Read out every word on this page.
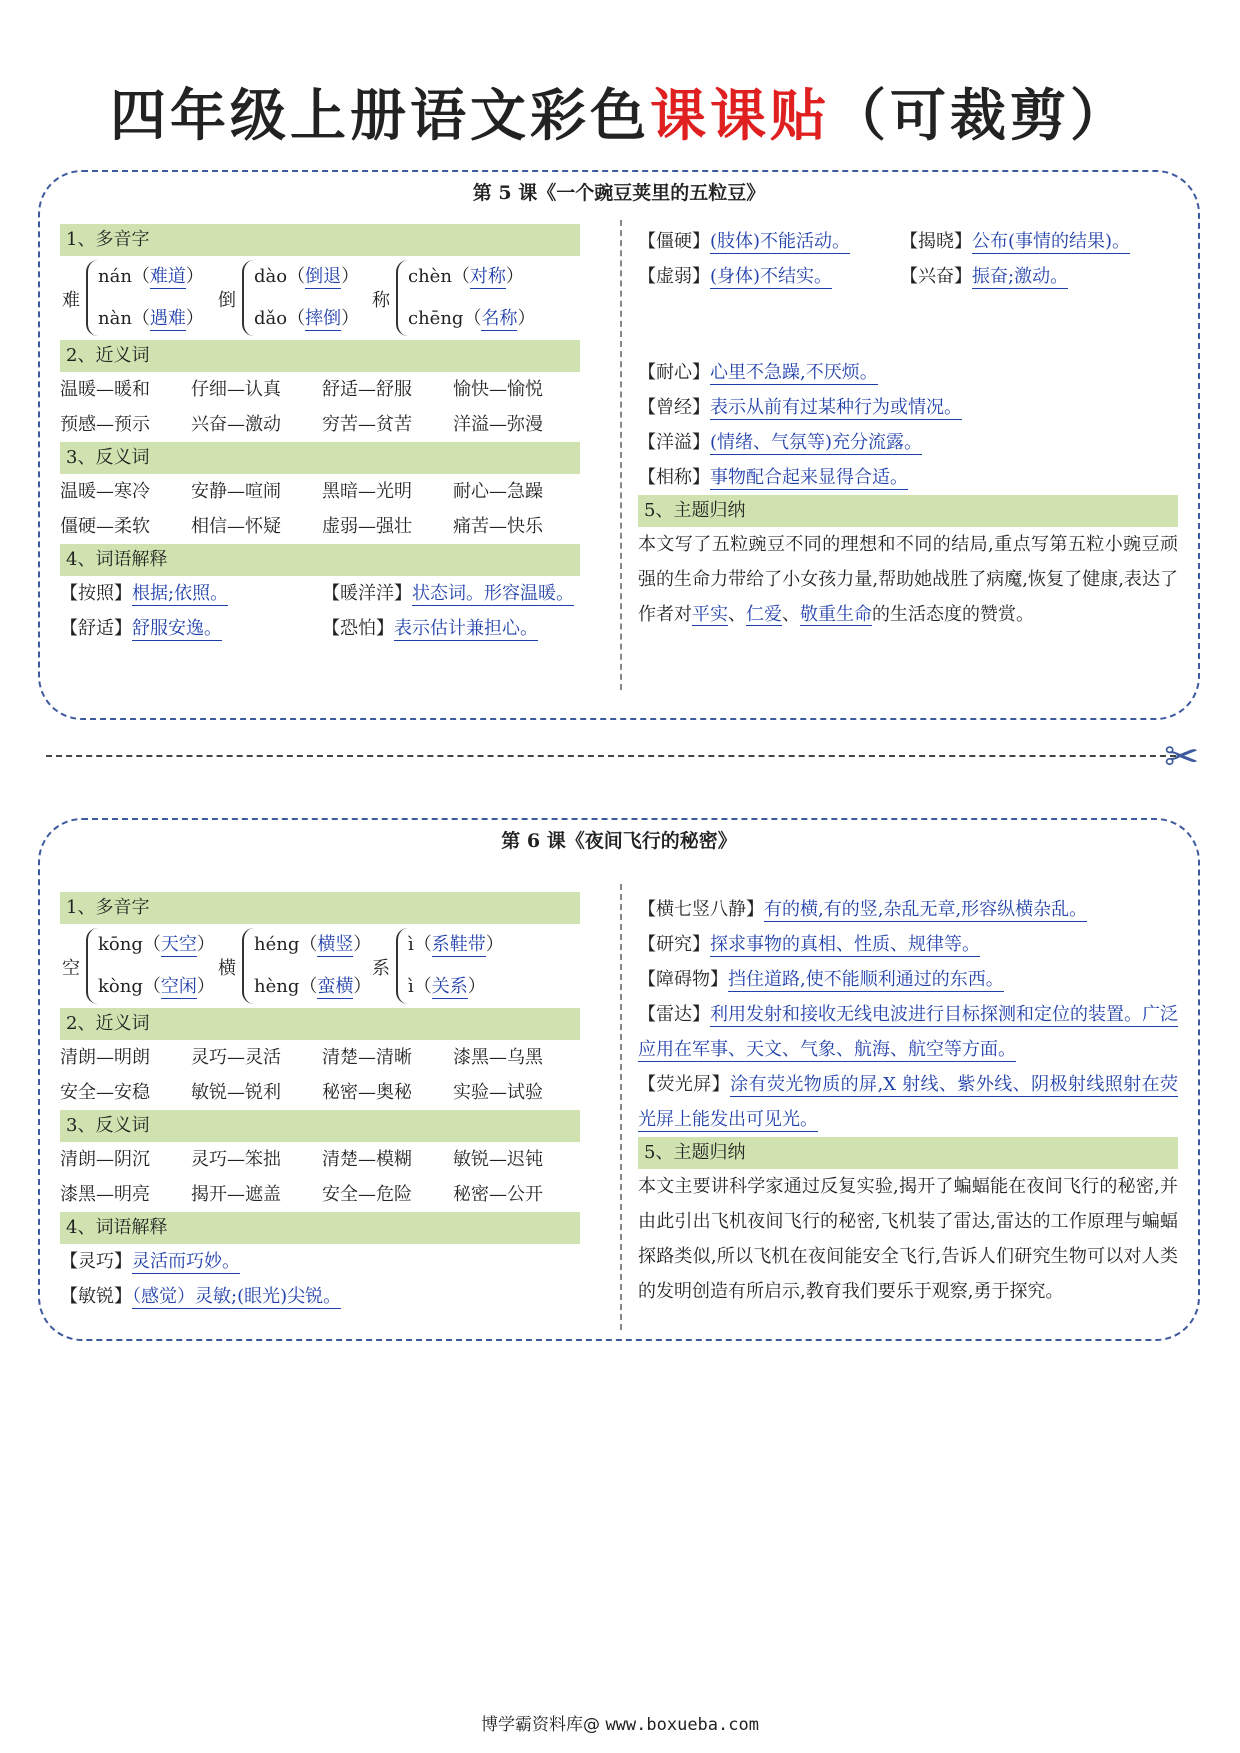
四年级上册语文彩色课课贴（可裁剪）
第 5 课《一个豌豆荚里的五粒豆》
1、多音字
难
nán（难道）
nàn（遇难）
倒
dào（倒退）
dǎo（摔倒）
称
chèn（对称）
chēng（名称）
2、近义词
温暖—暖和 仔细—认真 舒适—舒服 愉快—愉悦
预感—预示 兴奋—激动 穷苦—贫苦 洋溢—弥漫
3、反义词
温暖—寒冷 安静—喧闹 黑暗—光明 耐心—急躁
僵硬—柔软 相信—怀疑 虚弱—强壮 痛苦—快乐
4、词语解释
【按照】根据;依照。	【暖洋洋】状态词。形容温暖。
【舒适】舒服安逸。	【恐怕】表示估计兼担心。
【僵硬】(肢体)不能活动。	【揭晓】公布(事情的结果)。
【虚弱】(身体)不结实。	【兴奋】振奋;激动。
【耐心】心里不急躁,不厌烦。
【曾经】表示从前有过某种行为或情况。
【洋溢】(情绪、气氛等)充分流露。
【相称】事物配合起来显得合适。
5、主题归纳
本文写了五粒豌豆不同的理想和不同的结局,重点写第五粒小豌豆顽强的生命力带给了小女孩力量,帮助她战胜了病魔,恢复了健康,表达了作者对平实、仁爱、敬重生命的生活态度的赞赏。
✂
第 6 课《夜间飞行的秘密》
1、多音字
空
kōng（天空）
kòng（空闲）
横
héng（横竖）
hèng（蛮横）
系
ì（系鞋带）
ì（关系）
2、近义词
清朗—明朗 灵巧—灵活 清楚—清晰 漆黑—乌黑
安全—安稳 敏锐—锐利 秘密—奥秘 实验—试验
3、反义词
清朗—阴沉 灵巧—笨拙 清楚—模糊 敏锐—迟钝
漆黑—明亮 揭开—遮盖 安全—危险 秘密—公开
4、词语解释
【灵巧】灵活而巧妙。
【敏锐】（感觉）灵敏;(眼光)尖锐。
【横七竖八静】有的横,有的竖,杂乱无章,形容纵横杂乱。
【研究】探求事物的真相、性质、规律等。
【障碍物】挡住道路,使不能顺利通过的东西。
【雷达】利用发射和接收无线电波进行目标探测和定位的装置。广泛应用在军事、天文、气象、航海、航空等方面。
【荧光屏】涂有荧光物质的屏,X 射线、紫外线、阴极射线照射在荧光屏上能发出可见光。
5、主题归纳
本文主要讲科学家通过反复实验,揭开了蝙蝠能在夜间飞行的秘密,并由此引出飞机夜间飞行的秘密,飞机装了雷达,雷达的工作原理与蝙蝠探路类似,所以飞机在夜间能安全飞行,告诉人们研究生物可以对人类的发明创造有所启示,教育我们要乐于观察,勇于探究。
博学霸资料库@ www.boxueba.com
